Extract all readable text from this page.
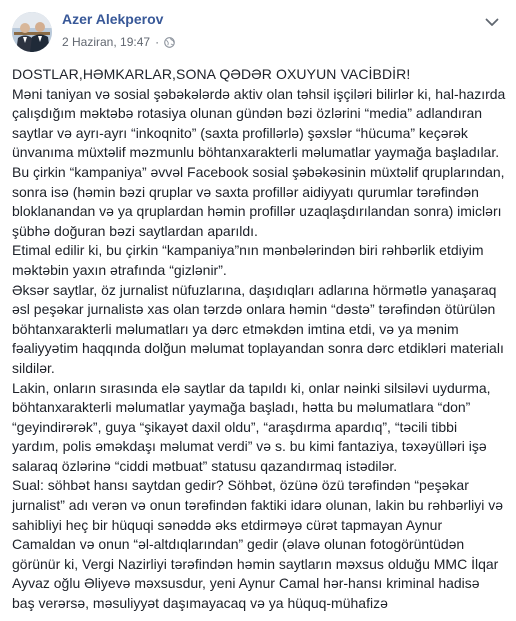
Azer Alekperov
2 Haziran, 19:47 ·

DOSTLAR,HƏMKARLAR,SONA QƏDƏR OXUYUN VACİBDİR!

Məni taniyan və sosial şəbəkələrdə aktiv olan təhsil işçiləri bilirlər ki, hal-hazırda çalışdığım məktəbə rotasiya olunan gündən bəzi özlərini “media” adlandıran saytlar və ayrı-ayrı “inkoqnito” (saxta profillərlə) şəxslər “hücuma” keçərək ünvanıma müxtəlif məzmunlu böhtanxarakterli məlumatlar yaymağa başladılar.

Bu çirkin “kampaniya” əvvəl Facebook sosial şəbəkəsinin müxtəlif qruplarından, sonra isə (həmin bəzi qruplar və saxta profillər aidiyyatı qurumlar tərəfindən bloklanandan və ya qruplardan həmin profillər uzaqlaşdırılandan sonra) imiclərı şübhə doğuran bəzi saytlardan aparıldı.

Etimal edilir ki, bu çirkin “kampaniya”nın mənbələrindən biri rəhbərlik etdiyim məktəbin yaxın ətrafında “gizlənir”.

Əksər saytlar, öz jurnalist nüfuzlarına, daşıdıqları adlarına hörmətlə yanaşaraq əsl peşəkar jurnalistə xas olan tərzdə onlara həmin “dəstə” tərəfindən ötürülən böhtanxarakterli məlumatları ya dərc etməkdən imtina etdi, və ya mənim fəaliyyətim haqqında dolğun məlumat toplayandan sonra dərc etdikləri materialı sildilər.

Lakin, onların sırasında elə saytlar da tapıldı ki, onlar nəinki silsiləvi uydurma, böhtanxarakterli məlumatlar yaymağa başladı, hətta bu məlumatlara “don” “geyindirərək”, guya “şikayət daxil oldu”, “araşdırma apardıq”, “təcili tibbi yardım, polis əməkdaşı məlumat verdi” və s. bu kimi fantaziya, təxəyülləri işə salaraq özlərinə “ciddi mətbuat” statusu qazandırmaq istədilər.

Sual: söhbət hansı saytdan gedir? Söhbət, özünə özü tərəfindən “peşəkar jurnalist” adı verən və onun tərəfindən faktiki idarə olunan, lakin bu rəhbərliyi və sahibliyi heç bir hüquqi sənəddə əks etdirməyə cürət tapmayan Aynur Camaldan və onun “əl-altdıqlarından” gedir (əlavə olunan fotogörüntüdən görünür ki, Vergi Nazirliyi tərəfindən həmin saytların məxsus olduğu MMC İlqar Ayvaz oğlu Əliyevə məxsusdur, yeni Aynur Camal hər-hansı kriminal hadisə baş verərsə, məsuliyyət daşımayacaq və ya hüquq-mühafizə
